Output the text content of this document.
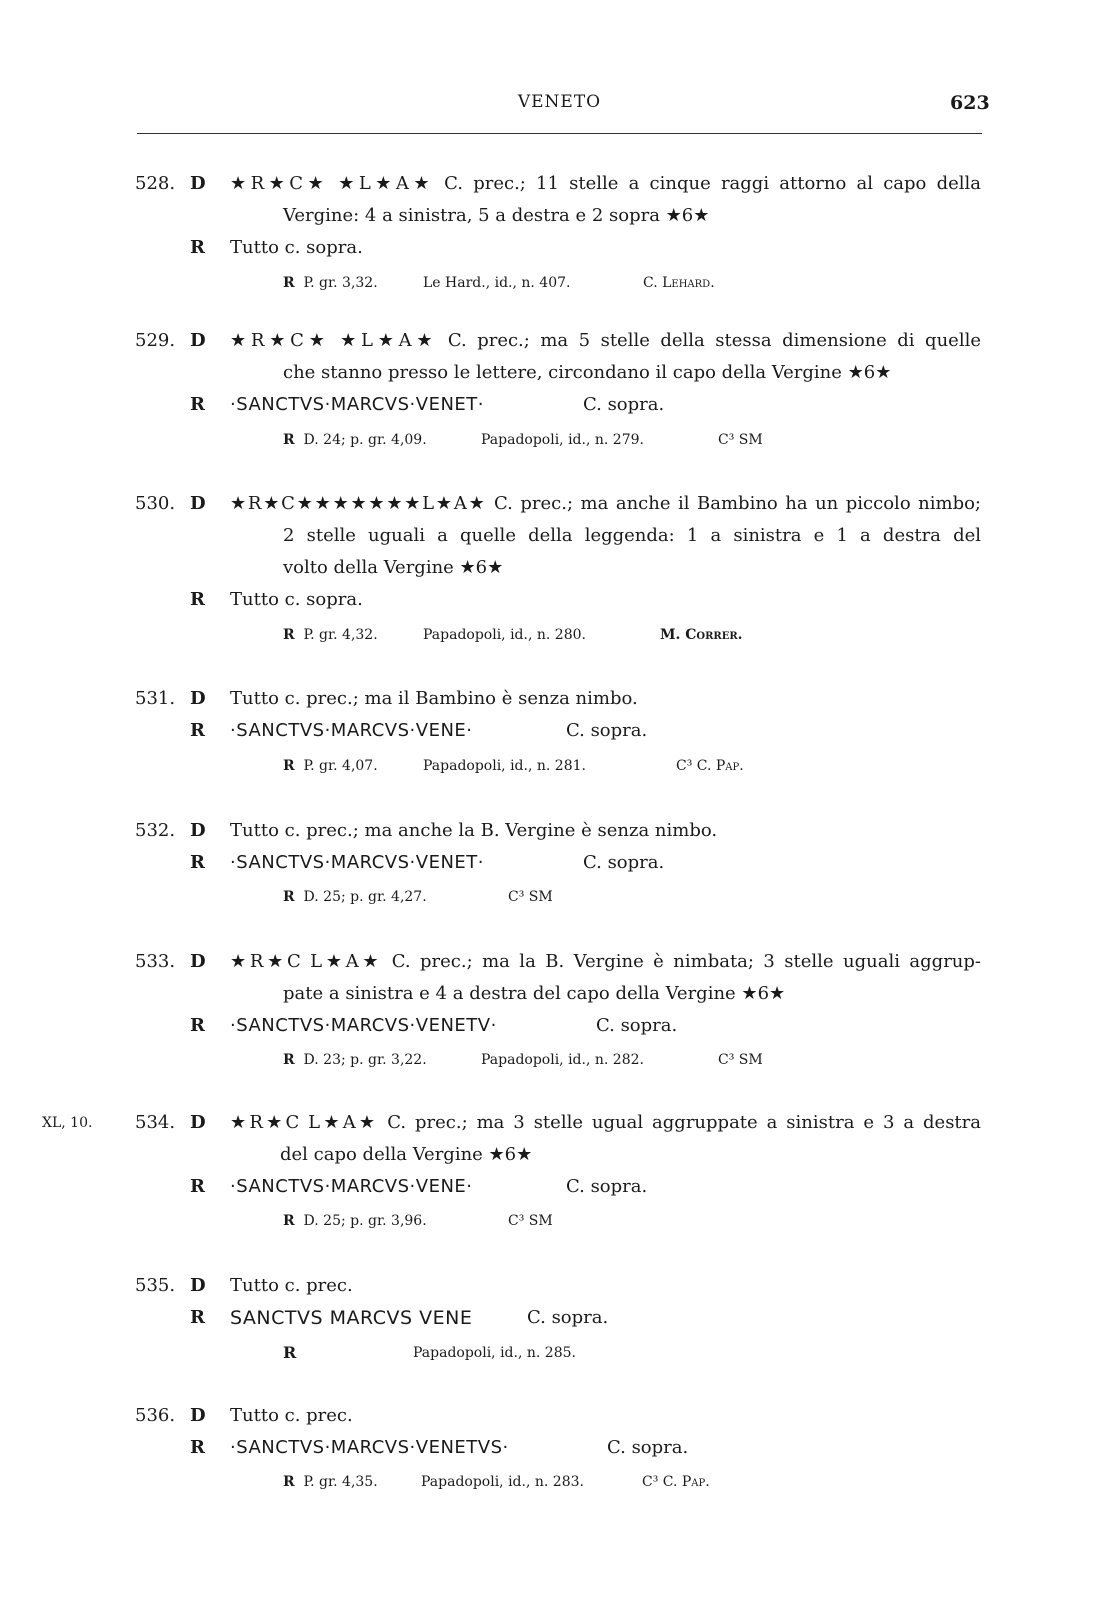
VENETO	623
528. D ★R★C★ ★L★A★ C. prec.; 11 stelle a cinque raggi attorno al capo della
Vergine: 4 a sinistra, 5 a destra e 2 sopra ★6★
R Tutto c. sopra.
R P. gr. 3,32.	Le Hard., id., n. 407.	C. Lehard.
529. D ★R★C★ ★L★A★ C. prec.; ma 5 stelle della stessa dimensione di quelle
che stanno presso le lettere, circondano il capo della Vergine ★6★
R ·SANCTVS·MARCVS·VENET·	C. sopra.
R D. 24; p. gr. 4,09.	Papadopoli, id., n. 279.	C³ SM
530. D ★R★C★★★★★★★L★A★ C. prec.; ma anche il Bambino ha un piccolo nimbo;
2 stelle uguali a quelle della leggenda: 1 a sinistra e 1 a destra del
volto della Vergine ★6★
R Tutto c. sopra.
R P. gr. 4,32.	Papadopoli, id., n. 280.	M. Correr.
531. D Tutto c. prec.; ma il Bambino è senza nimbo.
R ·SANCTVS·MARCVS·VENE·	C. sopra.
R P. gr. 4,07.	Papadopoli, id., n. 281.	C³ C. Pap.
532. D Tutto c. prec.; ma anche la B. Vergine è senza nimbo.
R ·SANCTVS·MARCVS·VENET·	C. sopra.
R D. 25; p. gr. 4,27.	C³ SM
533. D ★R★C L★A★ C. prec.; ma la B. Vergine è nimbata; 3 stelle uguali aggrup-
pate a sinistra e 4 a destra del capo della Vergine ★6★
R ·SANCTVS·MARCVS·VENETV·	C. sopra.
R D. 23; p. gr. 3,22.	Papadopoli, id., n. 282.	C³ SM
XL, 10. 534. D ★R★C L★A★ C. prec.; ma 3 stelle ugual aggruppate a sinistra e 3 a destra
del capo della Vergine ★6★
R ·SANCTVS·MARCVS·VENE·	C. sopra.
R D. 25; p. gr. 3,96.	C³ SM
535. D Tutto c. prec.
R SANCTVS MARCVS VENE	C. sopra.
R	Papadopoli, id., n. 285.
536. D Tutto c. prec.
R ·SANCTVS·MARCVS·VENETVS·	C. sopra.
R P. gr. 4,35.	Papadopoli, id., n. 283.	C³ C. Pap.
